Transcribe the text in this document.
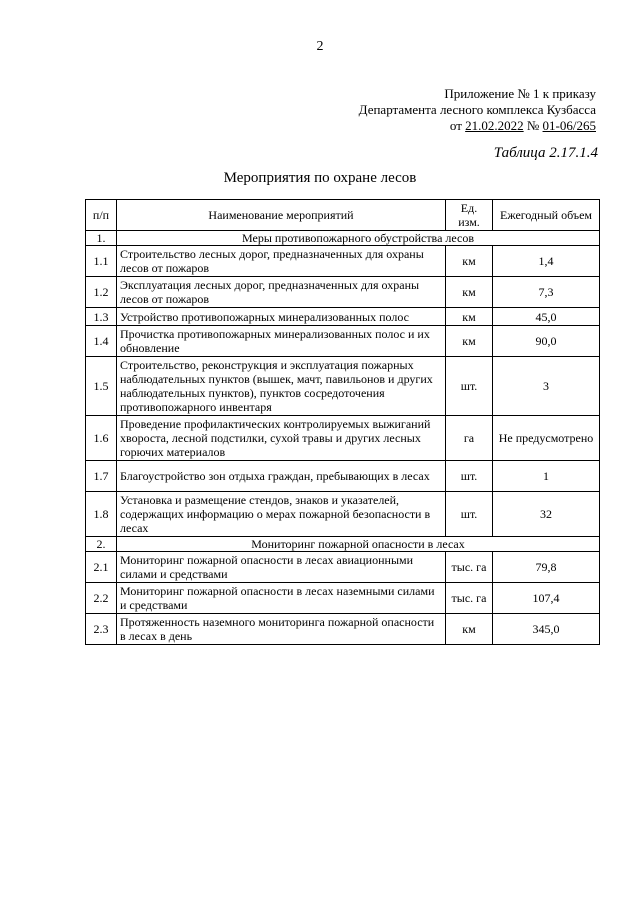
2
Приложение № 1 к приказу
Департамента лесного комплекса Кузбасса
от 21.02.2022 № 01-06/265
Таблица 2.17.1.4
Мероприятия по охране лесов
п/п	Наименование мероприятий	Ед. изм.	Ежегодный объем
1.	Меры противопожарного обустройства лесов		
1.1	Строительство лесных дорог, предназначенных для охраны лесов от пожаров	км	1,4
1.2	Эксплуатация лесных дорог, предназначенных для охраны лесов от пожаров	км	7,3
1.3	Устройство противопожарных минерализованных полос	км	45,0
1.4	Прочистка противопожарных минерализованных полос и их обновление	км	90,0
1.5	Строительство, реконструкция и эксплуатация пожарных наблюдательных пунктов (вышек, мачт, павильонов и других наблюдательных пунктов), пунктов сосредоточения противопожарного инвентаря	шт.	3
1.6	Проведение профилактических контролируемых выжиганий хвороста, лесной подстилки, сухой травы и других лесных горючих материалов	га	Не предусмотрено
1.7	Благоустройство зон отдыха граждан, пребывающих в лесах	шт.	1
1.8	Установка и размещение стендов, знаков и указателей, содержащих информацию о мерах пожарной безопасности в лесах	шт.	32
2.	Мониторинг пожарной опасности в лесах		
2.1	Мониторинг пожарной опасности в лесах авиационными силами и средствами	тыс. га	79,8
2.2	Мониторинг пожарной опасности в лесах наземными силами и средствами	тыс. га	107,4
2.3	Протяженность наземного мониторинга пожарной опасности в лесах в день	км	345,0
